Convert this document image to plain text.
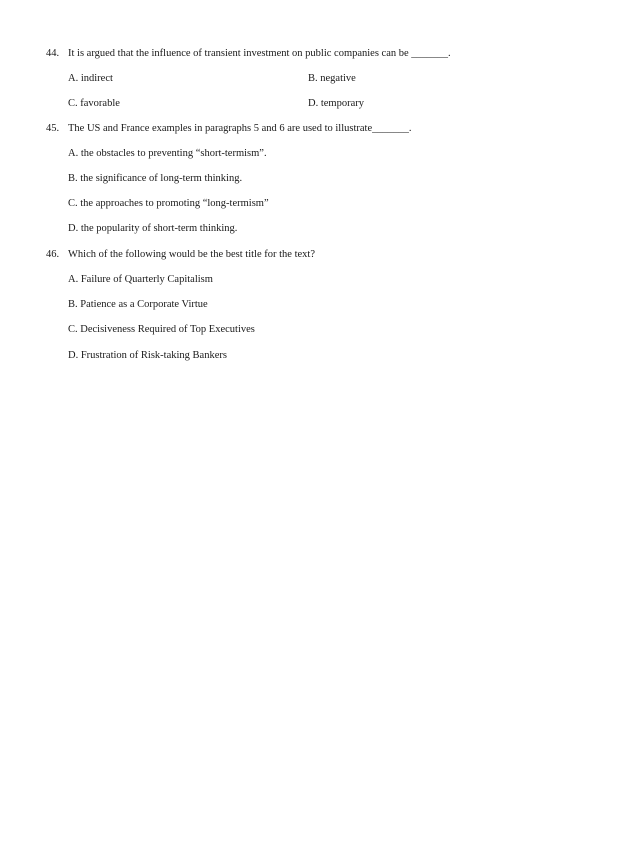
44. It is argued that the influence of transient investment on public companies can be _______.
A. indirect	B. negative
C. favorable	D. temporary
45. The US and France examples in paragraphs 5 and 6 are used to illustrate_______.
A. the obstacles to preventing “short-termism”.
B. the significance of long-term thinking.
C. the approaches to promoting “long-termism”
D. the popularity of short-term thinking.
46. Which of the following would be the best title for the text?
A. Failure of Quarterly Capitalism
B. Patience as a Corporate Virtue
C. Decisiveness Required of Top Executives
D. Frustration of Risk-taking Bankers
